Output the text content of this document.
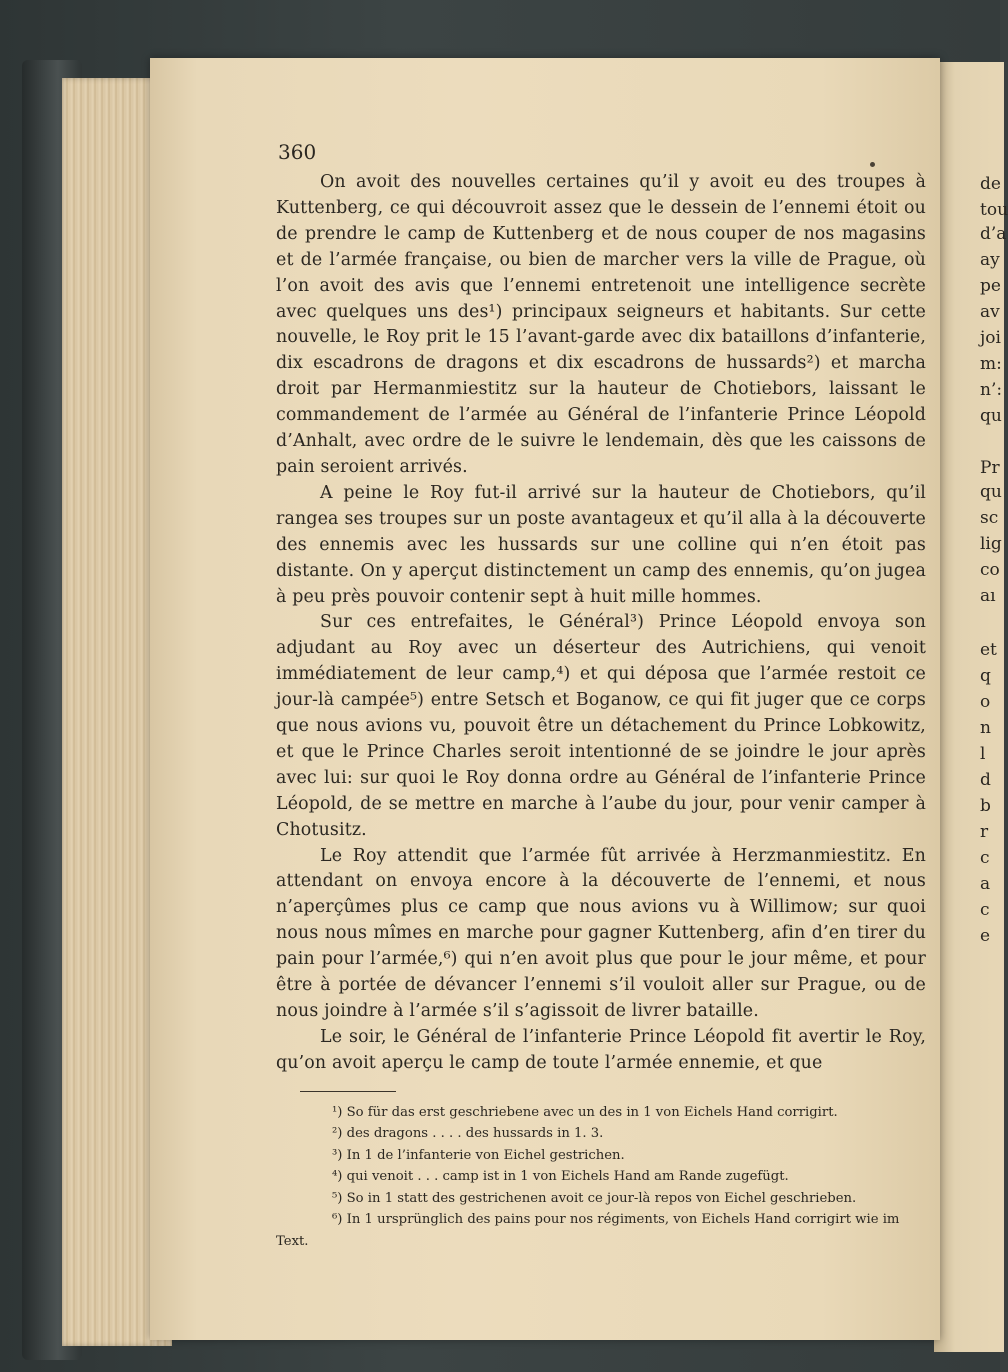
de
tou
d’a
ay
pe
av
joi
m:
n’:
qu
Pr
qu
sc
lig
co
aı
et
q
o
n
l
d
b
r
c
a
c
e
360

On avoit des nouvelles certaines qu’il y avoit eu des troupes à Kuttenberg, ce qui découvroit assez que le dessein de l’ennemi étoit ou de prendre le camp de Kuttenberg et de nous couper de nos magasins et de l’armée française, ou bien de marcher vers la ville de Prague, où l’on avoit des avis que l’ennemi entretenoit une intelligence secrète avec quelques uns des¹) principaux seigneurs et habitants. Sur cette nouvelle, le Roy prit le 15 l’avant-garde avec dix bataillons d’infanterie, dix escadrons de dragons et dix escadrons de hussards²) et marcha droit par Hermanmiestitz sur la hauteur de Chotiebors, laissant le commandement de l’armée au Général de l’infanterie Prince Léopold d’Anhalt, avec ordre de le suivre le lendemain, dès que les caissons de pain seroient arrivés.

A peine le Roy fut-il arrivé sur la hauteur de Chotiebors, qu’il rangea ses troupes sur un poste avantageux et qu’il alla à la découverte des ennemis avec les hussards sur une colline qui n’en étoit pas distante. On y aperçut distinctement un camp des ennemis, qu’on jugea à peu près pouvoir contenir sept à huit mille hommes.

Sur ces entrefaites, le Général³) Prince Léopold envoya son adjudant au Roy avec un déserteur des Autrichiens, qui venoit immédiatement de leur camp,⁴) et qui déposa que l’armée restoit ce jour-là campée⁵) entre Setsch et Boganow, ce qui fit juger que ce corps que nous avions vu, pouvoit être un détachement du Prince Lobkowitz, et que le Prince Charles seroit intentionné de se joindre le jour après avec lui: sur quoi le Roy donna ordre au Général de l’infanterie Prince Léopold, de se mettre en marche à l’aube du jour, pour venir camper à Chotusitz.

Le Roy attendit que l’armée fût arrivée à Herzmanmiestitz. En attendant on envoya encore à la découverte de l’ennemi, et nous n’aperçûmes plus ce camp que nous avions vu à Willimow; sur quoi nous nous mîmes en marche pour gagner Kuttenberg, afin d’en tirer du pain pour l’armée,⁶) qui n’en avoit plus que pour le jour même, et pour être à portée de dévancer l’ennemi s’il vouloit aller sur Prague, ou de nous joindre à l’armée s’il s’agissoit de livrer bataille.

Le soir, le Général de l’infanterie Prince Léopold fit avertir le Roy, qu’on avoit aperçu le camp de toute l’armée ennemie, et que

¹) So für das erst geschriebene avec un des in 1 von Eichels Hand corrigirt.

²) des dragons . . . . des hussards in 1. 3.

³) In 1 de l’infanterie von Eichel gestrichen.

⁴) qui venoit . . . camp ist in 1 von Eichels Hand am Rande zugefügt.

⁵) So in 1 statt des gestrichenen avoit ce jour-là repos von Eichel geschrieben.

⁶) In 1 ursprünglich des pains pour nos régiments, von Eichels Hand corrigirt wie im Text.
